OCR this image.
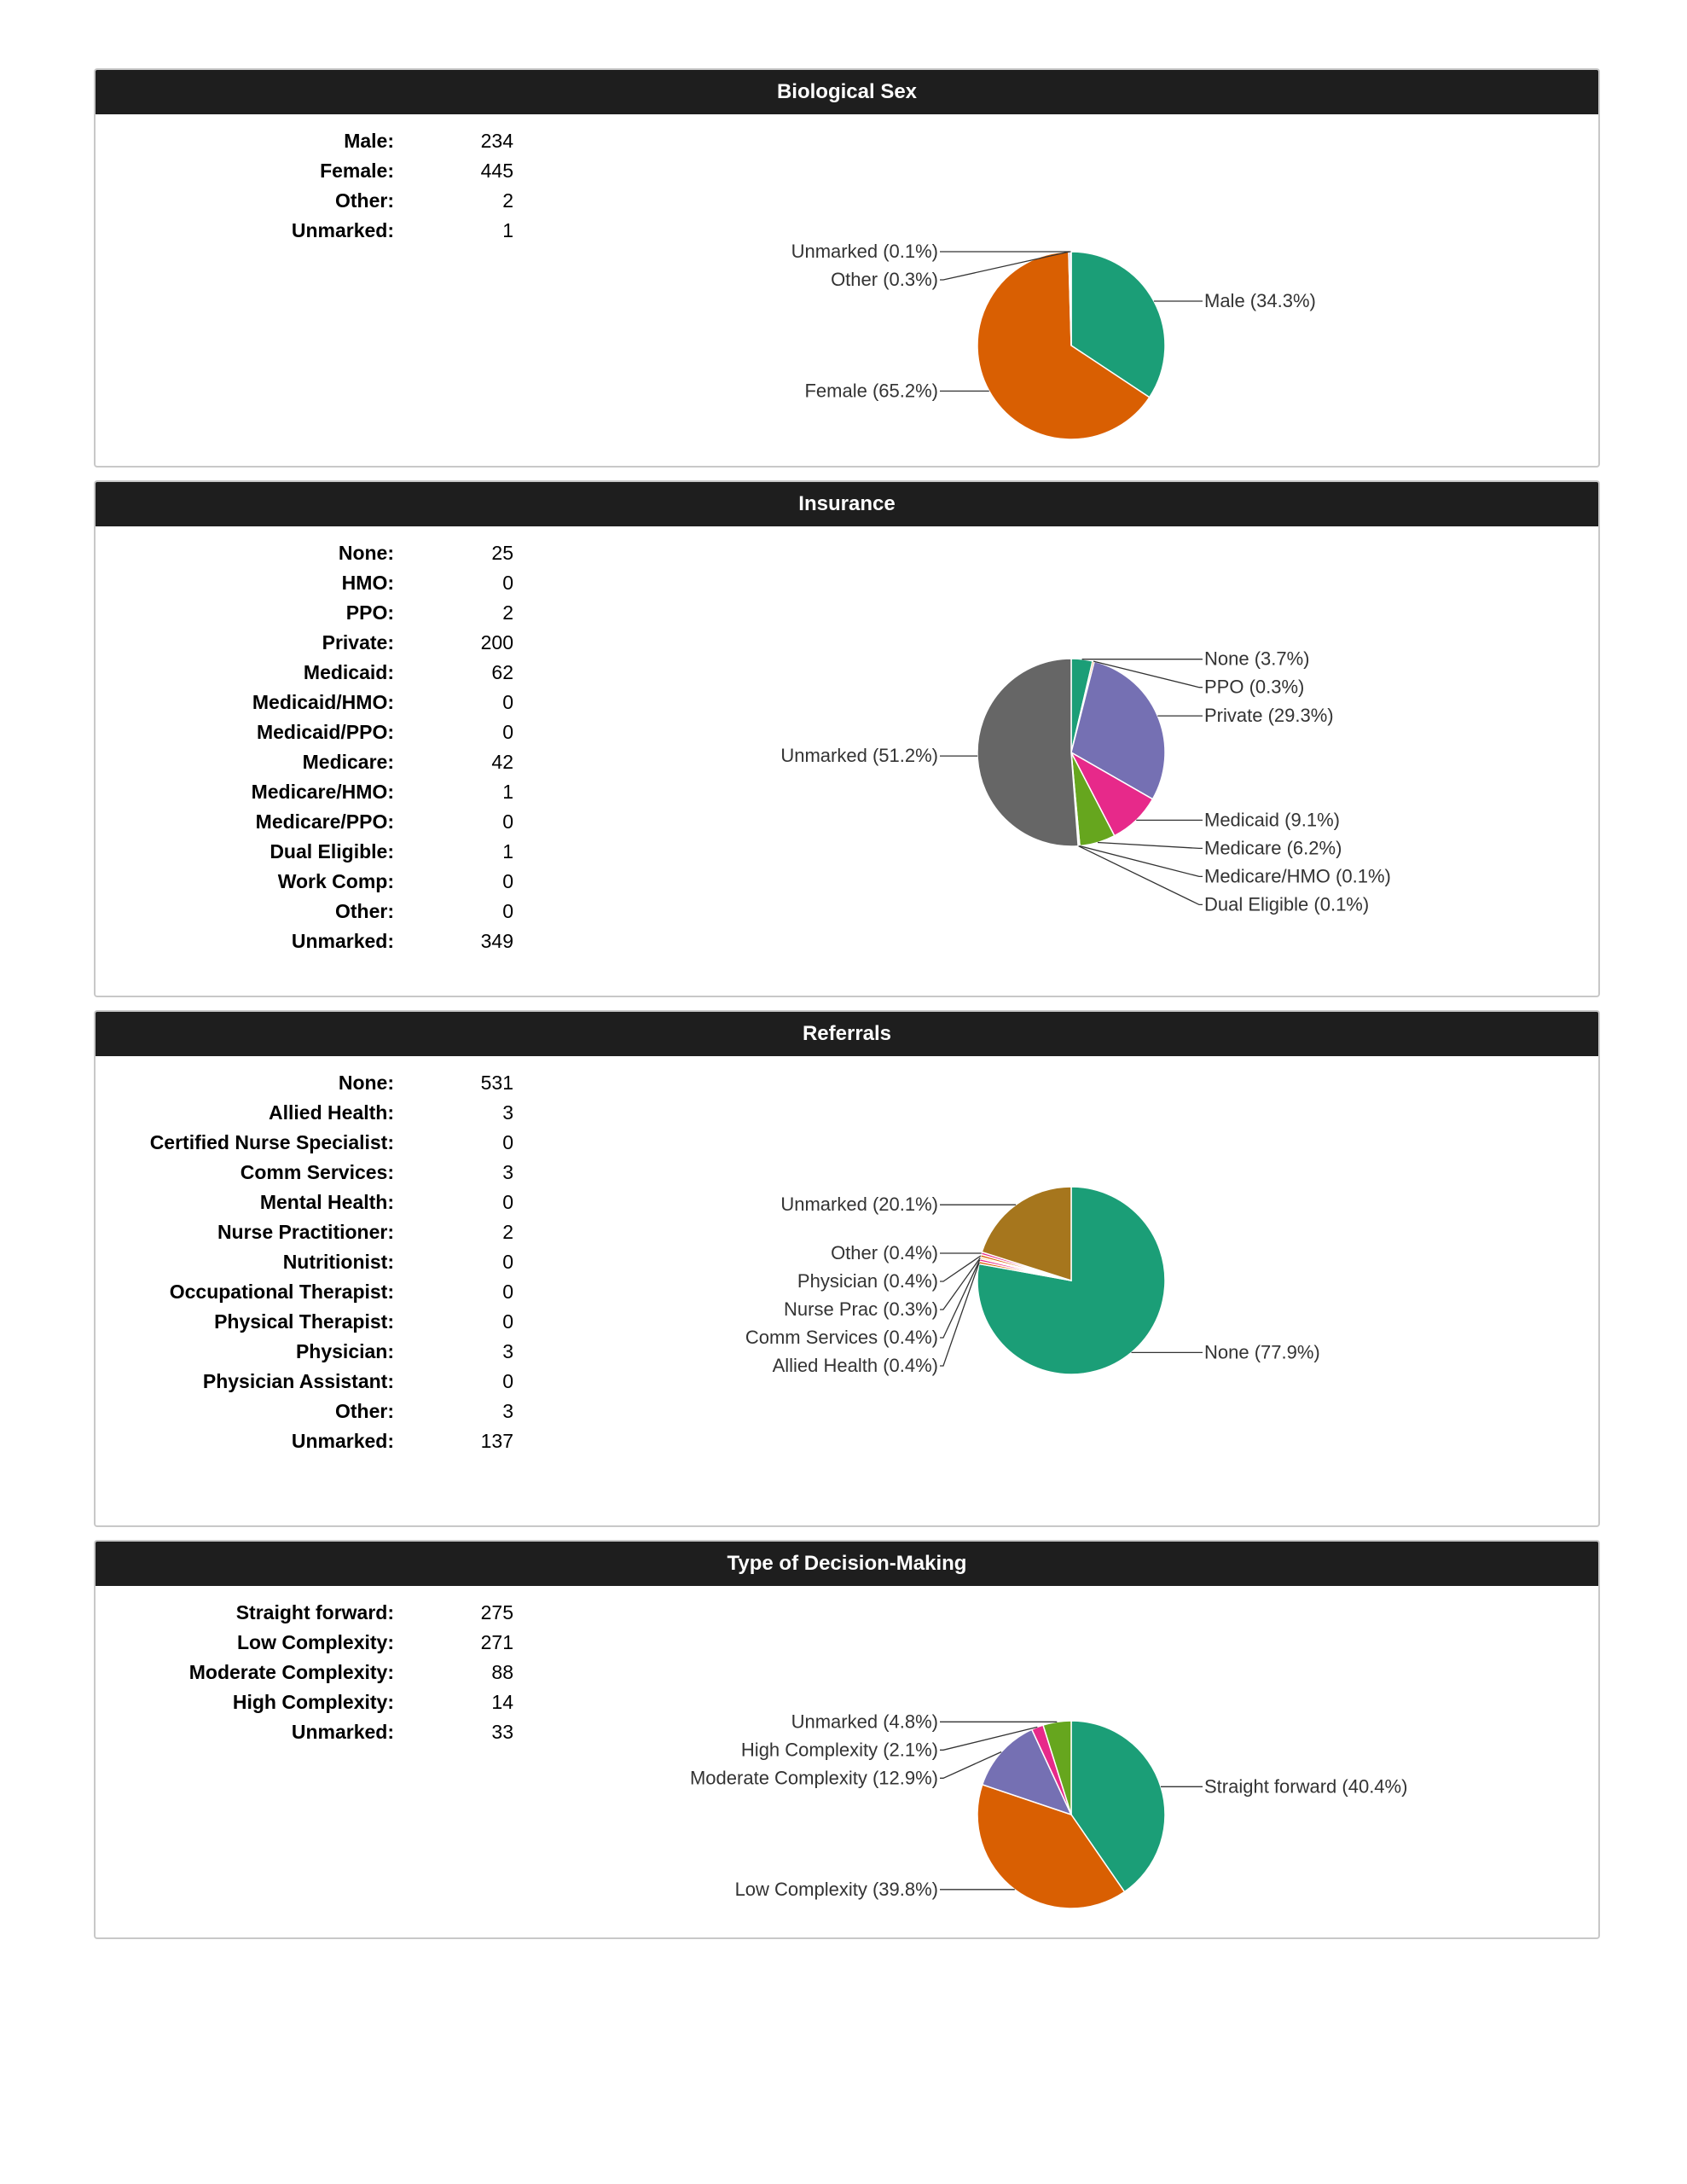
Biological Sex
Male:	234
Female:	445
Other:	2
Unmarked:	1
Male (34.3%)
Unmarked (0.1%)
Other (0.3%)
Female (65.2%)
Insurance
None:	25
HMO:	0
PPO:	2
Private:	200
Medicaid:	62
Medicaid/HMO:	0
Medicaid/PPO:	0
Medicare:	42
Medicare/HMO:	1
Medicare/PPO:	0
Dual Eligible:	1
Work Comp:	0
Other:	0
Unmarked:	349
None (3.7%)
PPO (0.3%)
Private (29.3%)
Medicaid (9.1%)
Medicare (6.2%)
Medicare/HMO (0.1%)
Dual Eligible (0.1%)
Unmarked (51.2%)
Referrals
None:	531
Allied Health:	3
Certified Nurse Specialist:	0
Comm Services:	3
Mental Health:	0
Nurse Practitioner:	2
Nutritionist:	0
Occupational Therapist:	0
Physical Therapist:	0
Physician:	3
Physician Assistant:	0
Other:	3
Unmarked:	137
None (77.9%)
Unmarked (20.1%)
Other (0.4%)
Physician (0.4%)
Nurse Prac (0.3%)
Comm Services (0.4%)
Allied Health (0.4%)
Type of Decision-Making
Straight forward:	275
Low Complexity:	271
Moderate Complexity:	88
High Complexity:	14
Unmarked:	33
Straight forward (40.4%)
Unmarked (4.8%)
High Complexity (2.1%)
Moderate Complexity (12.9%)
Low Complexity (39.8%)
